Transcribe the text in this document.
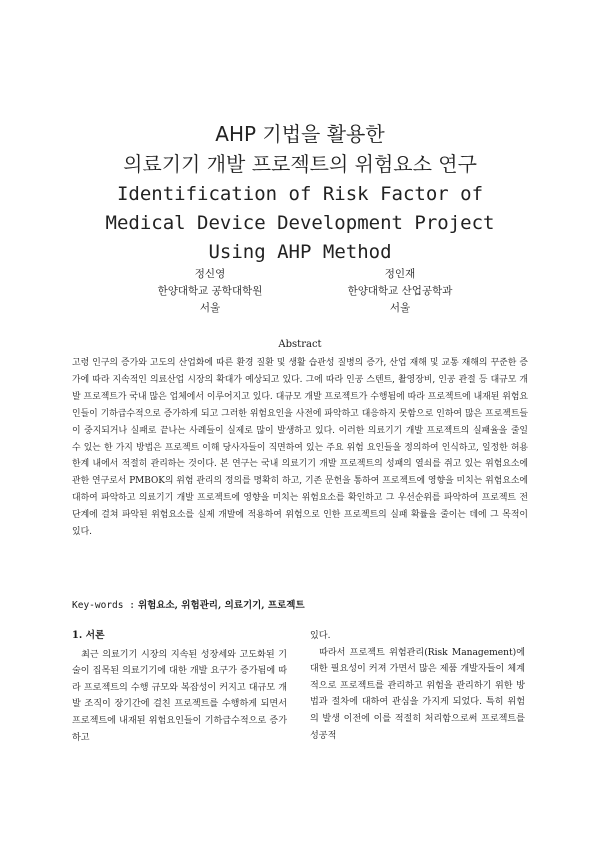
AHP 기법을 활용한
의료기기 개발 프로젝트의 위험요소 연구
Identification of Risk Factor of
Medical Device Development Project
Using AHP Method
정신영
한양대학교 공학대학원
서울
정인재
한양대학교 산업공학과
서울
Abstract

고령 인구의 증가와 고도의 산업화에 따른 환경 질환 및 생활 습관성 질병의 증가, 산업 재해 및 교통 재해의 꾸준한 증가에 따라 지속적인 의료산업 시장의 확대가 예상되고 있다. 그에 따라 인공 스텐트, 촬영장비, 인공 관절 등 대규모 개발 프로젝트가 국내 많은 업체에서 이루어지고 있다. 대규모 개발 프로젝트가 수행됨에 따라 프로젝트에 내재된 위험요인들이 기하급수적으로 증가하게 되고 그러한 위험요인을 사전에 파악하고 대응하지 못함으로 인하여 많은 프로젝트들이 중지되거나 실패로 끝나는 사례들이 실제로 많이 발생하고 있다. 이러한 의료기기 개발 프로젝트의 실패율을 줄일 수 있는 한 가지 방법은 프로젝트 이해 당사자들이 직면하여 있는 주요 위험 요인들을 정의하여 인식하고, 일정한 허용 한계 내에서 적절히 관리하는 것이다. 본 연구는 국내 의료기기 개발 프로젝트의 성패의 열쇠를 쥐고 있는 위험요소에 관한 연구로서 PMBOK의 위험 관리의 정의를 명확히 하고, 기존 문헌을 통하여 프로젝트에 영향을 미치는 위험요소에 대하여 파악하고 의료기기 개발 프로젝트에 영향을 미치는 위험요소를 확인하고 그 우선순위를 파악하여 프로젝트 전 단계에 걸쳐 파악된 위험요소를 실제 개발에 적용하여 위험으로 인한 프로젝트의 실패 확률을 줄이는 데에 그 목적이 있다.

Key-words : 위험요소, 위험관리, 의료기기, 프로젝트
1. 서론

최근 의료기기 시장의 지속된 성장세와 고도화된 기술이 집목된 의료기기에 대한 개발 요구가 증가됨에 따라 프로젝트의 수행 규모와 복잡성이 커지고 대규모 개발 조직이 장기간에 걸친 프로젝트를 수행하게 되면서 프로젝트에 내재된 위험요인들이 기하급수적으로 증가하고

있다.

따라서 프로젝트 위험관리(Risk Management)에 대한 필요성이 커져 가면서 많은 제품 개발자들이 체계적으로 프로젝트를 관리하고 위험을 관리하기 위한 방법과 절차에 대하여 관심을 가지게 되었다. 특히 위험의 발생 이전에 이를 적절히 처리함으로써 프로젝트를 성공적
